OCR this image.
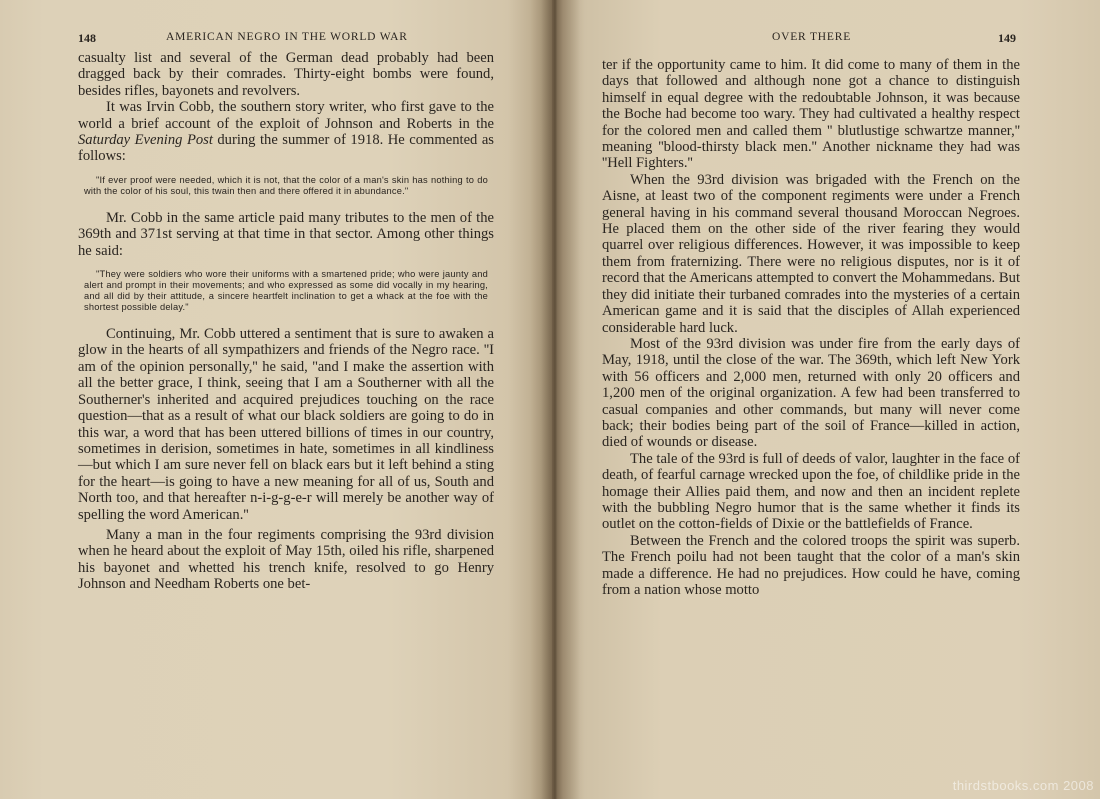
148	AMERICAN NEGRO IN THE WORLD WAR

casualty list and several of the German dead probably had been dragged back by their comrades. Thirty-eight bombs were found, besides rifles, bayonets and revolvers.

It was Irvin Cobb, the southern story writer, who first gave to the world a brief account of the exploit of Johnson and Roberts in the Saturday Evening Post during the summer of 1918. He commented as follows:

"If ever proof were needed, which it is not, that the color of a man's skin has nothing to do with the color of his soul, this twain then and there offered it in abundance."

Mr. Cobb in the same article paid many tributes to the men of the 369th and 371st serving at that time in that sector. Among other things he said:

"They were soldiers who wore their uniforms with a smartened pride; who were jaunty and alert and prompt in their movements; and who expressed as some did vocally in my hearing, and all did by their attitude, a sincere heartfelt inclination to get a whack at the foe with the shortest possible delay."

Continuing, Mr. Cobb uttered a sentiment that is sure to awaken a glow in the hearts of all sympathizers and friends of the Negro race. ''I am of the opinion personally,'' he said, ''and I make the assertion with all the better grace, I think, seeing that I am a Southerner with all the Southerner's inherited and acquired prejudices touching on the race question—that as a result of what our black soldiers are going to do in this war, a word that has been uttered billions of times in our country, sometimes in derision, sometimes in hate, sometimes in all kindliness—but which I am sure never fell on black ears but it left behind a sting for the heart—is going to have a new meaning for all of us, South and North too, and that hereafter n-i-g-g-e-r will merely be another way of spelling the word American.''

Many a man in the four regiments comprising the 93rd division when he heard about the exploit of May 15th, oiled his rifle, sharpened his bayonet and whetted his trench knife, resolved to go Henry Johnson and Needham Roberts one bet-

OVER THERE	149

ter if the opportunity came to him. It did come to many of them in the days that followed and although none got a chance to distinguish himself in equal degree with the redoubtable Johnson, it was because the Boche had become too wary. They had cultivated a healthy respect for the colored men and called them '' blutlustige schwartze manner,'' meaning ''blood-thirsty black men.'' Another nickname they had was ''Hell Fighters.''

When the 93rd division was brigaded with the French on the Aisne, at least two of the component regiments were under a French general having in his command several thousand Moroccan Negroes. He placed them on the other side of the river fearing they would quarrel over religious differences. However, it was impossible to keep them from fraternizing. There were no religious disputes, nor is it of record that the Americans attempted to convert the Mohammedans. But they did initiate their turbaned comrades into the mysteries of a certain American game and it is said that the disciples of Allah experienced considerable hard luck.

Most of the 93rd division was under fire from the early days of May, 1918, until the close of the war. The 369th, which left New York with 56 officers and 2,000 men, returned with only 20 officers and 1,200 men of the original organization. A few had been transferred to casual companies and other commands, but many will never come back; their bodies being part of the soil of France—killed in action, died of wounds or disease.

The tale of the 93rd is full of deeds of valor, laughter in the face of death, of fearful carnage wrecked upon the foe, of childlike pride in the homage their Allies paid them, and now and then an incident replete with the bubbling Negro humor that is the same whether it finds its outlet on the cotton-fields of Dixie or the battlefields of France.

Between the French and the colored troops the spirit was superb. The French poilu had not been taught that the color of a man's skin made a difference. He had no prejudices. How could he have, coming from a nation whose motto

thirdstbooks.com 2008
